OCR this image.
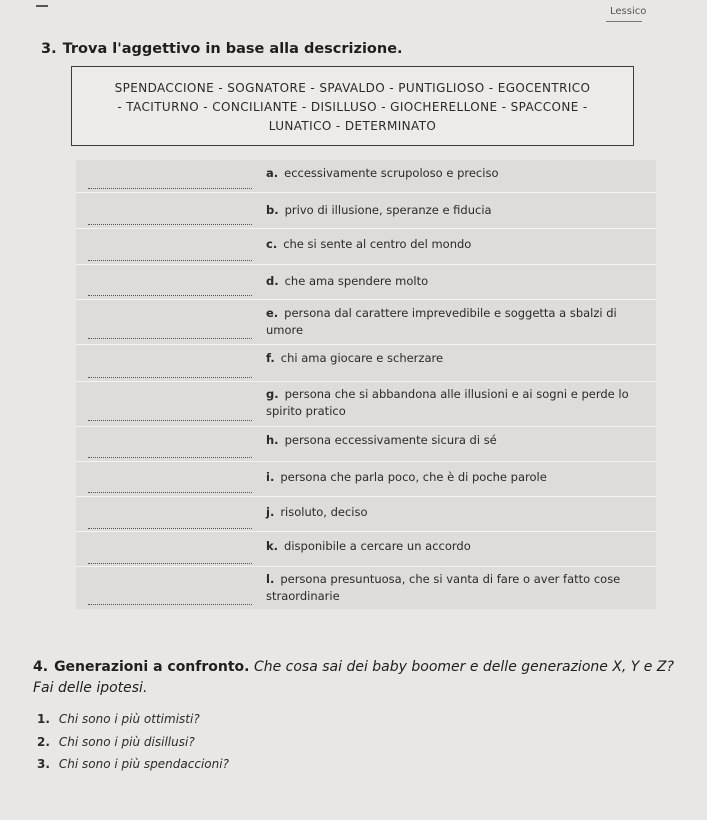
Lessico
3. Trova l'aggettivo in base alla descrizione.
SPENDACCIONE - SOGNATORE - SPAVALDO - PUNTIGLIOSO - EGOCENTRICO
- TACITURNO - CONCILIANTE - DISILLUSO - GIOCHERELLONE - SPACCONE -
LUNATICO - DETERMINATO
a. eccessivamente scrupoloso e preciso
b. privo di illusione, speranze e fiducia
c. che si sente al centro del mondo
d. che ama spendere molto
e. persona dal carattere imprevedibile e soggetta a sbalzi di umore
f. chi ama giocare e scherzare
g. persona che si abbandona alle illusioni e ai sogni e perde lo spirito pratico
h. persona eccessivamente sicura di sé
i. persona che parla poco, che è di poche parole
j. risoluto, deciso
k. disponibile a cercare un accordo
l. persona presuntuosa, che si vanta di fare o aver fatto cose straordinarie
4. Generazioni a confronto. Che cosa sai dei baby boomer e delle generazione X, Y e Z? Fai delle ipotesi.
1. Chi sono i più ottimisti?
2. Chi sono i più disillusi?
3. Chi sono i più spendaccioni?
